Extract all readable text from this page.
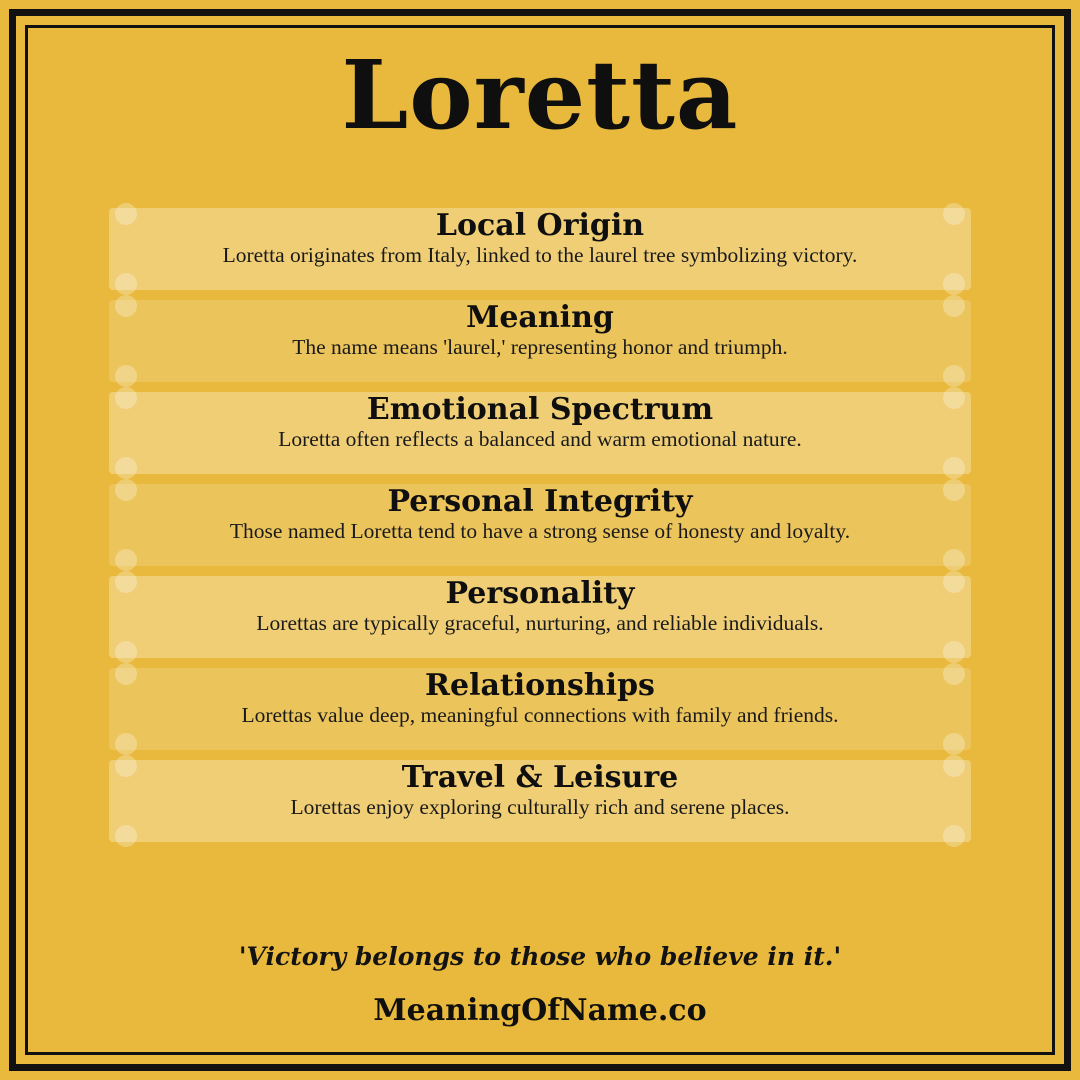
Loretta
Local Origin
Loretta originates from Italy, linked to the laurel tree symbolizing victory.
Meaning
The name means 'laurel,' representing honor and triumph.
Emotional Spectrum
Loretta often reflects a balanced and warm emotional nature.
Personal Integrity
Those named Loretta tend to have a strong sense of honesty and loyalty.
Personality
Lorettas are typically graceful, nurturing, and reliable individuals.
Relationships
Lorettas value deep, meaningful connections with family and friends.
Travel & Leisure
Lorettas enjoy exploring culturally rich and serene places.
'Victory belongs to those who believe in it.'
MeaningOfName.co
